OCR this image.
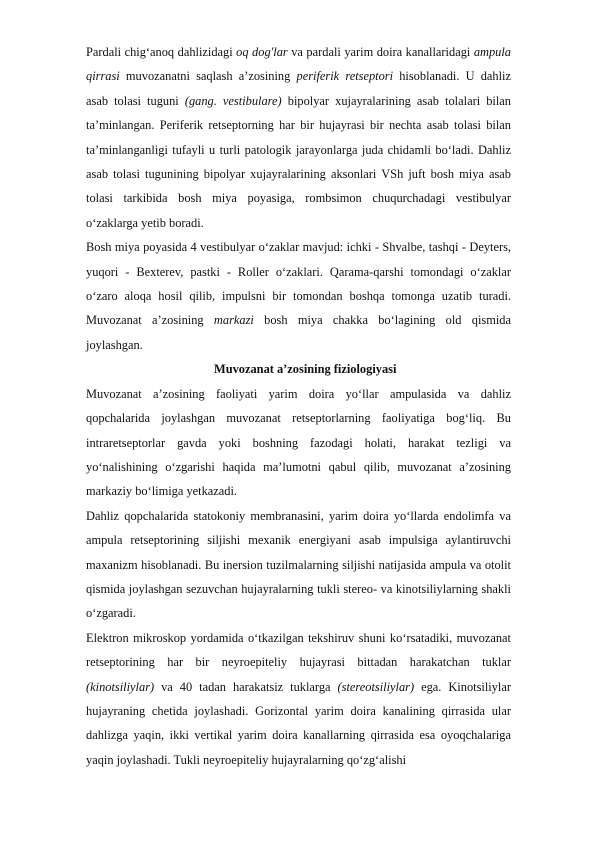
Pardali chig‘anoq dahlizidagi oq dog'lar va pardali yarim doira kanallaridagi ampula qirrasi muvozanatni saqlash a’zosining periferik retseptori hisoblanadi. U dahliz asab tolasi tuguni (gang. vestibulare) bipolyar xujayralarining asab tolalari bilan ta’minlangan. Periferik retseptorning har bir hujayrasi bir nechta asab tolasi bilan ta’minlanganligi tufayli u turli patologik jarayonlarga juda chidamli bo‘ladi. Dahliz asab tolasi tugunining bipolyar xujayralarining aksonlari VSh juft bosh miya asab tolasi tarkibida bosh miya poyasiga, rombsimon chuqurchadagi vestibulyar o‘zaklarga yetib boradi.

Bosh miya poyasida 4 vestibulyar o‘zaklar mavjud: ichki - Shvalbe, tashqi - Deyters, yuqori - Bexterev, pastki - Roller o‘zaklari. Qarama-qarshi tomondagi o‘zaklar o‘zaro aloqa hosil qilib, impulsni bir tomondan boshqa tomonga uzatib turadi. Muvozanat a’zosining markazi bosh miya chakka bo‘lagining old qismida joylashgan.

Muvozanat a’zosining fiziologiyasi

Muvozanat a’zosining faoliyati yarim doira yo‘llar ampulasida va dahliz qopchalarida joylashgan muvozanat retseptorlarning faoliyatiga bog‘liq. Bu intraretseptorlar gavda yoki boshning fazodagi holati, harakat tezligi va yo‘nalishining o‘zgarishi haqida ma’lumotni qabul qilib, muvozanat a’zosining markaziy bo‘limiga yetkazadi.

Dahliz qopchalarida statokoniy membranasini, yarim doira yo‘llarda endolimfa va ampula retseptorining siljishi mexanik energiyani asab impulsiga aylantiruvchi maxanizm hisoblanadi. Bu inersion tuzilmalarning siljishi natijasida ampula va otolit qismida joylashgan sezuvchan hujayralarning tukli stereo- va kinotsiliylarning shakli o‘zgaradi.

Elektron mikroskop yordamida o‘tkazilgan tekshiruv shuni ko‘rsatadiki, muvozanat retseptorining har bir neyroepiteliy hujayrasi bittadan harakatchan tuklar (kinotsiliylar) va 40 tadan harakatsiz tuklarga (stereotsiliylar) ega. Kinotsiliylar hujayraning chetida joylashadi. Gorizontal yarim doira kanalining qirrasida ular dahlizga yaqin, ikki vertikal yarim doira kanallarning qirrasida esa oyoqchalariga yaqin joylashadi. Tukli neyroepiteliy hujayralarning qo‘zg‘alishi
